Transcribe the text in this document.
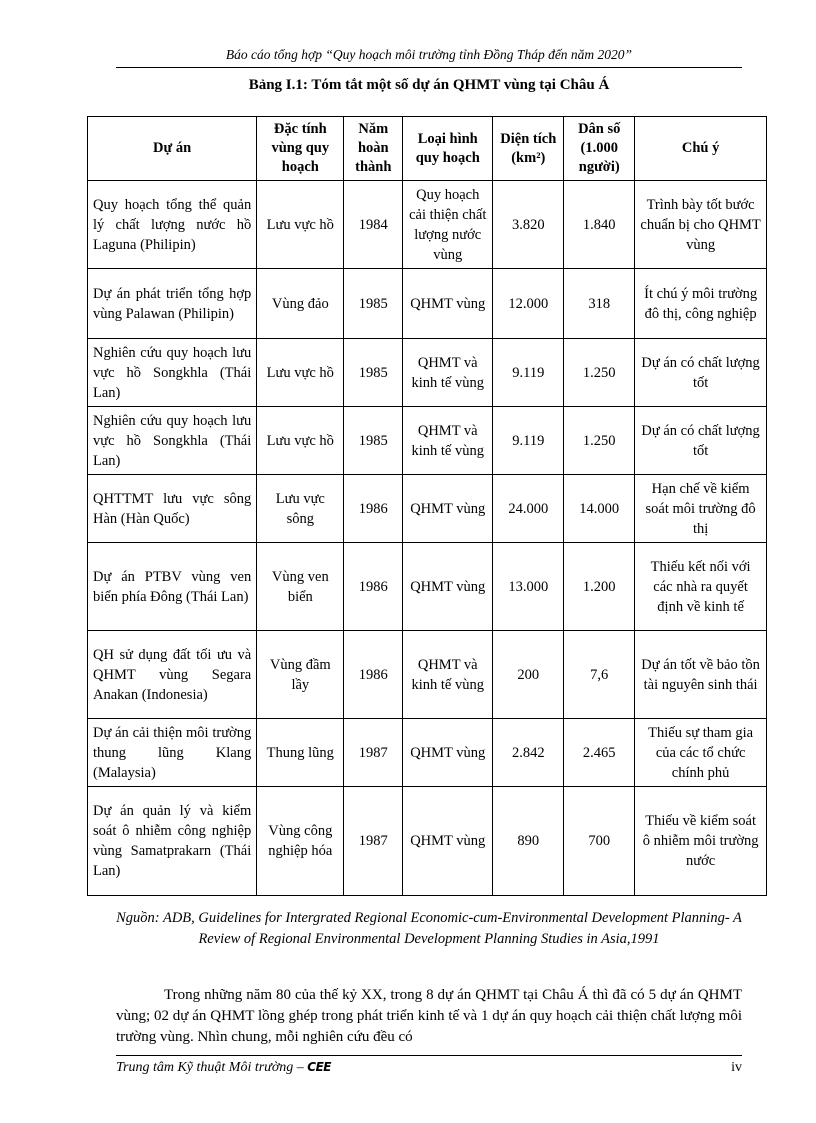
Báo cáo tổng hợp “Quy hoạch môi trường tỉnh Đồng Tháp đến năm 2020”
Bảng I.1: Tóm tắt một số dự án QHMT vùng tại Châu Á
Dự án	Đặc tính vùng quy hoạch	Năm hoàn thành	Loại hình quy hoạch	Diện tích (km²)	Dân số (1.000 người)	Chú ý
Quy hoạch tổng thể quản lý chất lượng nước hồ Laguna (Philipin)	Lưu vực hồ	1984	Quy hoạch cải thiện chất lượng nước vùng	3.820	1.840	Trình bày tốt bước chuẩn bị cho QHMT vùng
Dự án phát triển tổng hợp vùng Palawan (Philipin)	Vùng đảo	1985	QHMT vùng	12.000	318	Ít chú ý môi trường đô thị, công nghiệp
Nghiên cứu quy hoạch lưu vực hồ Songkhla (Thái Lan)	Lưu vực hồ	1985	QHMT và kinh tế vùng	9.119	1.250	Dự án có chất lượng tốt
Nghiên cứu quy hoạch lưu vực hồ Songkhla (Thái Lan)	Lưu vực hồ	1985	QHMT và kinh tế vùng	9.119	1.250	Dự án có chất lượng tốt
QHTTMT lưu vực sông Hàn (Hàn Quốc)	Lưu vực sông	1986	QHMT vùng	24.000	14.000	Hạn chế về kiểm soát môi trường đô thị
Dự án PTBV vùng ven biển phía Đông (Thái Lan)	Vùng ven biển	1986	QHMT vùng	13.000	1.200	Thiếu kết nối với các nhà ra quyết định về kinh tế
QH sử dụng đất tối ưu và QHMT vùng Segara Anakan (Indonesia)	Vùng đầm lầy	1986	QHMT và kinh tế vùng	200	7,6	Dự án tốt về bảo tồn tài nguyên sinh thái
Dự án cải thiện môi trường thung lũng Klang (Malaysia)	Thung lũng	1987	QHMT vùng	2.842	2.465	Thiếu sự tham gia của các tổ chức chính phủ
Dự án quản lý và kiểm soát ô nhiễm công nghiệp vùng Samatprakarn (Thái Lan)	Vùng công nghiệp hóa	1987	QHMT vùng	890	700	Thiếu về kiểm soát ô nhiễm môi trường nước
Nguồn: ADB, Guidelines for Intergrated Regional Economic-cum-Environmental Development Planning- A Review of Regional Environmental Development Planning Studies in Asia,1991
Trong những năm 80 của thế kỷ XX, trong 8 dự án QHMT tại Châu Á thì đã có 5 dự án QHMT vùng; 02 dự án QHMT lồng ghép trong phát triển kinh tế và 1 dự án quy hoạch cải thiện chất lượng môi trường vùng. Nhìn chung, mỗi nghiên cứu đều có
Trung tâm Kỹ thuật Môi trường – CEE	iv
